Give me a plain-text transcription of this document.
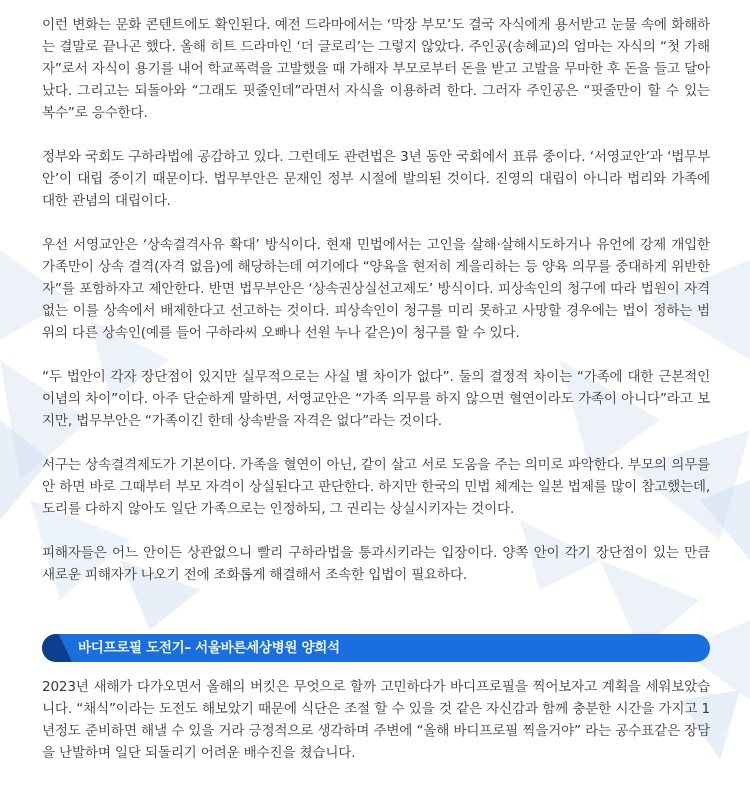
이런 변화는 문화 콘텐트에도 확인된다. 예전 드라마에서는 ‘막장 부모’도 결국 자식에게 용서받고 눈물 속에 화해하는 결말로 끝나곤 했다. 올해 히트 드라마인 ‘더 글로리’는 그렇지 않았다. 주인공(송혜교)의 엄마는 자식의 “첫 가해자”로서 자식이 용기를 내어 학교폭력을 고발했을 때 가해자 부모로부터 돈을 받고 고발을 무마한 후 돈을 들고 달아났다. 그리고는 되돌아와 “그래도 핏줄인데”라면서 자식을 이용하려 한다. 그러자 주인공은 “핏줄만이 할 수 있는 복수”로 응수한다.

정부와 국회도 구하라법에 공감하고 있다. 그런데도 관련법은 3년 동안 국회에서 표류 중이다. ‘서영교안’과 ‘법무부안’이 대립 중이기 때문이다. 법무부안은 문재인 정부 시절에 발의된 것이다. 진영의 대립이 아니라 법리와 가족에 대한 관념의 대립이다.

우선 서영교안은 ‘상속결격사유 확대’ 방식이다. 현재 민법에서는 고인을 살해·살해시도하거나 유언에 강제 개입한 가족만이 상속 결격(자격 없음)에 해당하는데 여기에다 “양육을 현저히 게을리하는 등 양육 의무를 중대하게 위반한 자”를 포함하자고 제안한다. 반면 법무부안은 ‘상속권상실선고제도’ 방식이다. 피상속인의 청구에 따라 법원이 자격 없는 이를 상속에서 배제한다고 선고하는 것이다. 피상속인이 청구를 미리 못하고 사망할 경우에는 법이 정하는 범위의 다른 상속인(예를 들어 구하라씨 오빠나 선원 누나 같은)이 청구를 할 수 있다.

“두 법안이 각자 장단점이 있지만 실무적으로는 사실 별 차이가 없다”. 둘의 결정적 차이는 “가족에 대한 근본적인 이념의 차이”이다. 아주 단순하게 말하면, 서영교안은 “가족 의무를 하지 않으면 혈연이라도 가족이 아니다”라고 보지만, 법무부안은 “가족이긴 한데 상속받을 자격은 없다”라는 것이다.

서구는 상속결격제도가 기본이다. 가족을 혈연이 아닌, 같이 살고 서로 도움을 주는 의미로 파악한다. 부모의 의무를 안 하면 바로 그때부터 부모 자격이 상실된다고 판단한다. 하지만 한국의 민법 체계는 일본 법제를 많이 참고했는데, 도리를 다하지 않아도 일단 가족으로는 인정하되, 그 권리는 상실시키자는 것이다.

피해자들은 어느 안이든 상관없으니 빨리 구하라법을 통과시키라는 입장이다. 양쪽 안이 각기 장단점이 있는 만큼 새로운 피해자가 나오기 전에 조화롭게 해결해서 조속한 입법이 필요하다.

바디프로필 도전기– 서울바른세상병원 양회석

2023년 새해가 다가오면서 올해의 버킷은 무엇으로 할까 고민하다가 바디프로필을 찍어보자고 계획을 세워보았습니다. “채식”이라는 도전도 해보았기 때문에 식단은 조절 할 수 있을 것 같은 자신감과 함께 충분한 시간을 가지고 1년정도 준비하면 해낼 수 있을 거라 긍정적으로 생각하며 주변에 “올해 바디프로필 찍을거야” 라는 공수표같은 장담을 난발하며 일단 되돌리기 어려운 배수진을 쳤습니다.
